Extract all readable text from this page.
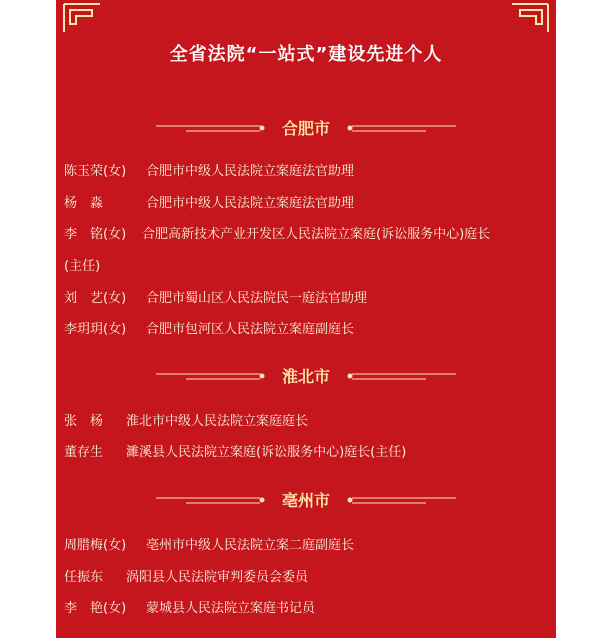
全省法院“一站式”建设先进个人
合肥市
陈玉荣(女) 合肥市中级人民法院立案庭法官助理
杨　淼	合肥市中级人民法院立案庭法官助理
李　铭(女) 合肥高新技术产业开发区人民法院立案庭(诉讼服务中心)庭长
(主任)
刘　艺(女) 合肥市蜀山区人民法院民一庭法官助理
李玥玥(女) 合肥市包河区人民法院立案庭副庭长
淮北市
张　杨 淮北市中级人民法院立案庭庭长
董存生 濉溪县人民法院立案庭(诉讼服务中心)庭长(主任)
亳州市
周腊梅(女) 亳州市中级人民法院立案二庭副庭长
任振东 涡阳县人民法院审判委员会委员
李　艳(女) 蒙城县人民法院立案庭书记员
